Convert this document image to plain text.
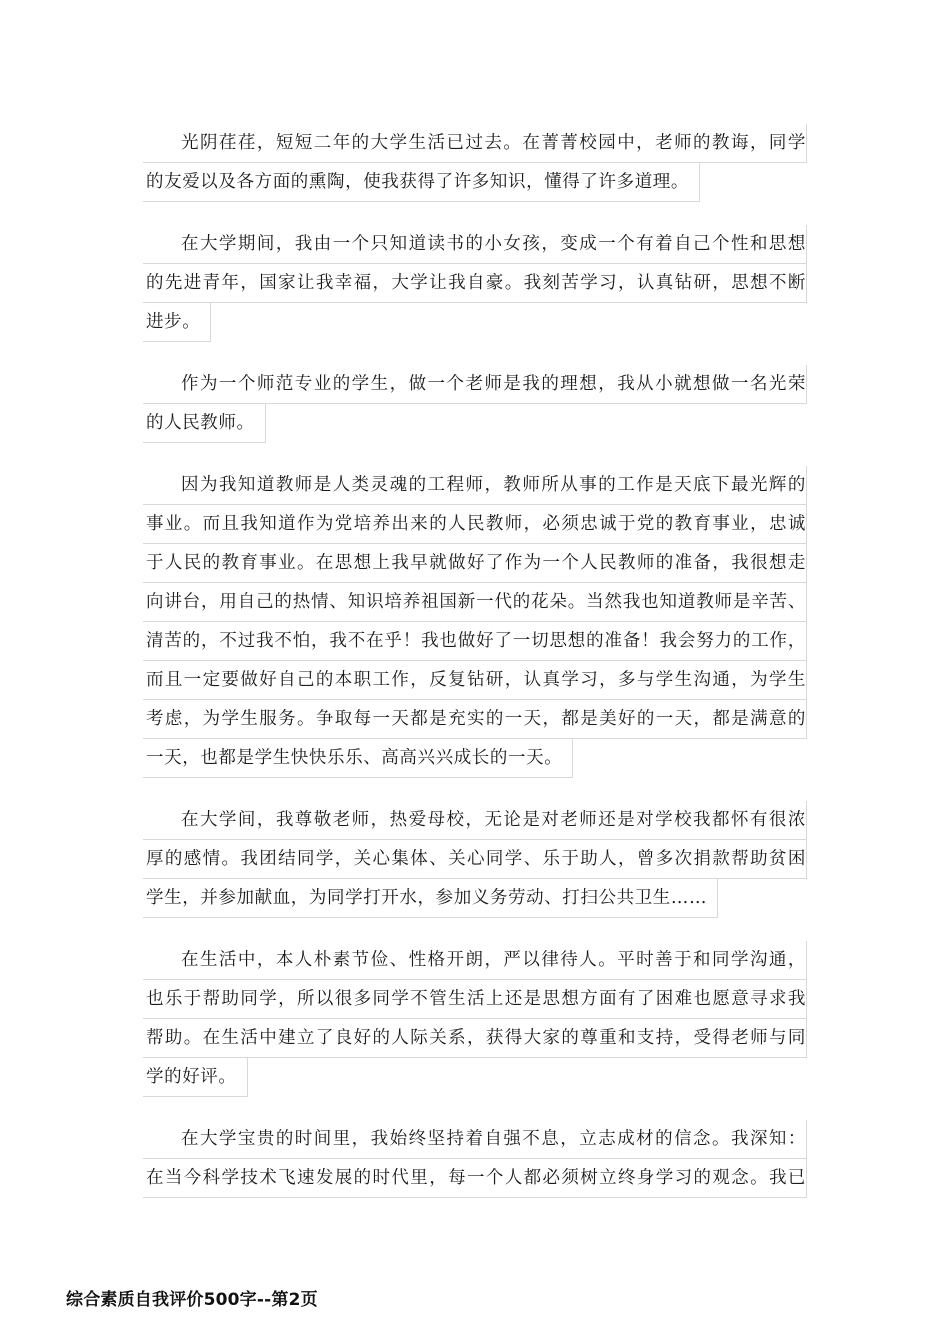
光阴荏荏，短短二年的大学生活已过去。在菁菁校园中，老师的教诲，同学
的友爱以及各方面的熏陶，使我获得了许多知识，懂得了许多道理。
在大学期间，我由一个只知道读书的小女孩，变成一个有着自己个性和思想
的先进青年，国家让我幸福，大学让我自豪。我刻苦学习，认真钻研，思想不断
进步。
作为一个师范专业的学生，做一个老师是我的理想，我从小就想做一名光荣
的人民教师。
因为我知道教师是人类灵魂的工程师，教师所从事的工作是天底下最光辉的
事业。而且我知道作为党培养出来的人民教师，必须忠诚于党的教育事业，忠诚
于人民的教育事业。在思想上我早就做好了作为一个人民教师的准备，我很想走
向讲台，用自己的热情、知识培养祖国新一代的花朵。当然我也知道教师是辛苦、
清苦的，不过我不怕，我不在乎！我也做好了一切思想的准备！我会努力的工作，
而且一定要做好自己的本职工作，反复钻研，认真学习，多与学生沟通，为学生
考虑，为学生服务。争取每一天都是充实的一天，都是美好的一天，都是满意的
一天，也都是学生快快乐乐、高高兴兴成长的一天。
在大学间，我尊敬老师，热爱母校，无论是对老师还是对学校我都怀有很浓
厚的感情。我团结同学，关心集体、关心同学、乐于助人，曾多次捐款帮助贫困
学生，并参加献血，为同学打开水，参加义务劳动、打扫公共卫生……
在生活中，本人朴素节俭、性格开朗，严以律待人。平时善于和同学沟通，
也乐于帮助同学，所以很多同学不管生活上还是思想方面有了困难也愿意寻求我
帮助。在生活中建立了良好的人际关系，获得大家的尊重和支持，受得老师与同
学的好评。
在大学宝贵的时间里，我始终坚持着自强不息，立志成材的信念。我深知：
在当今科学技术飞速发展的时代里，每一个人都必须树立终身学习的观念。我已
综合素质自我评价500字--第2页
